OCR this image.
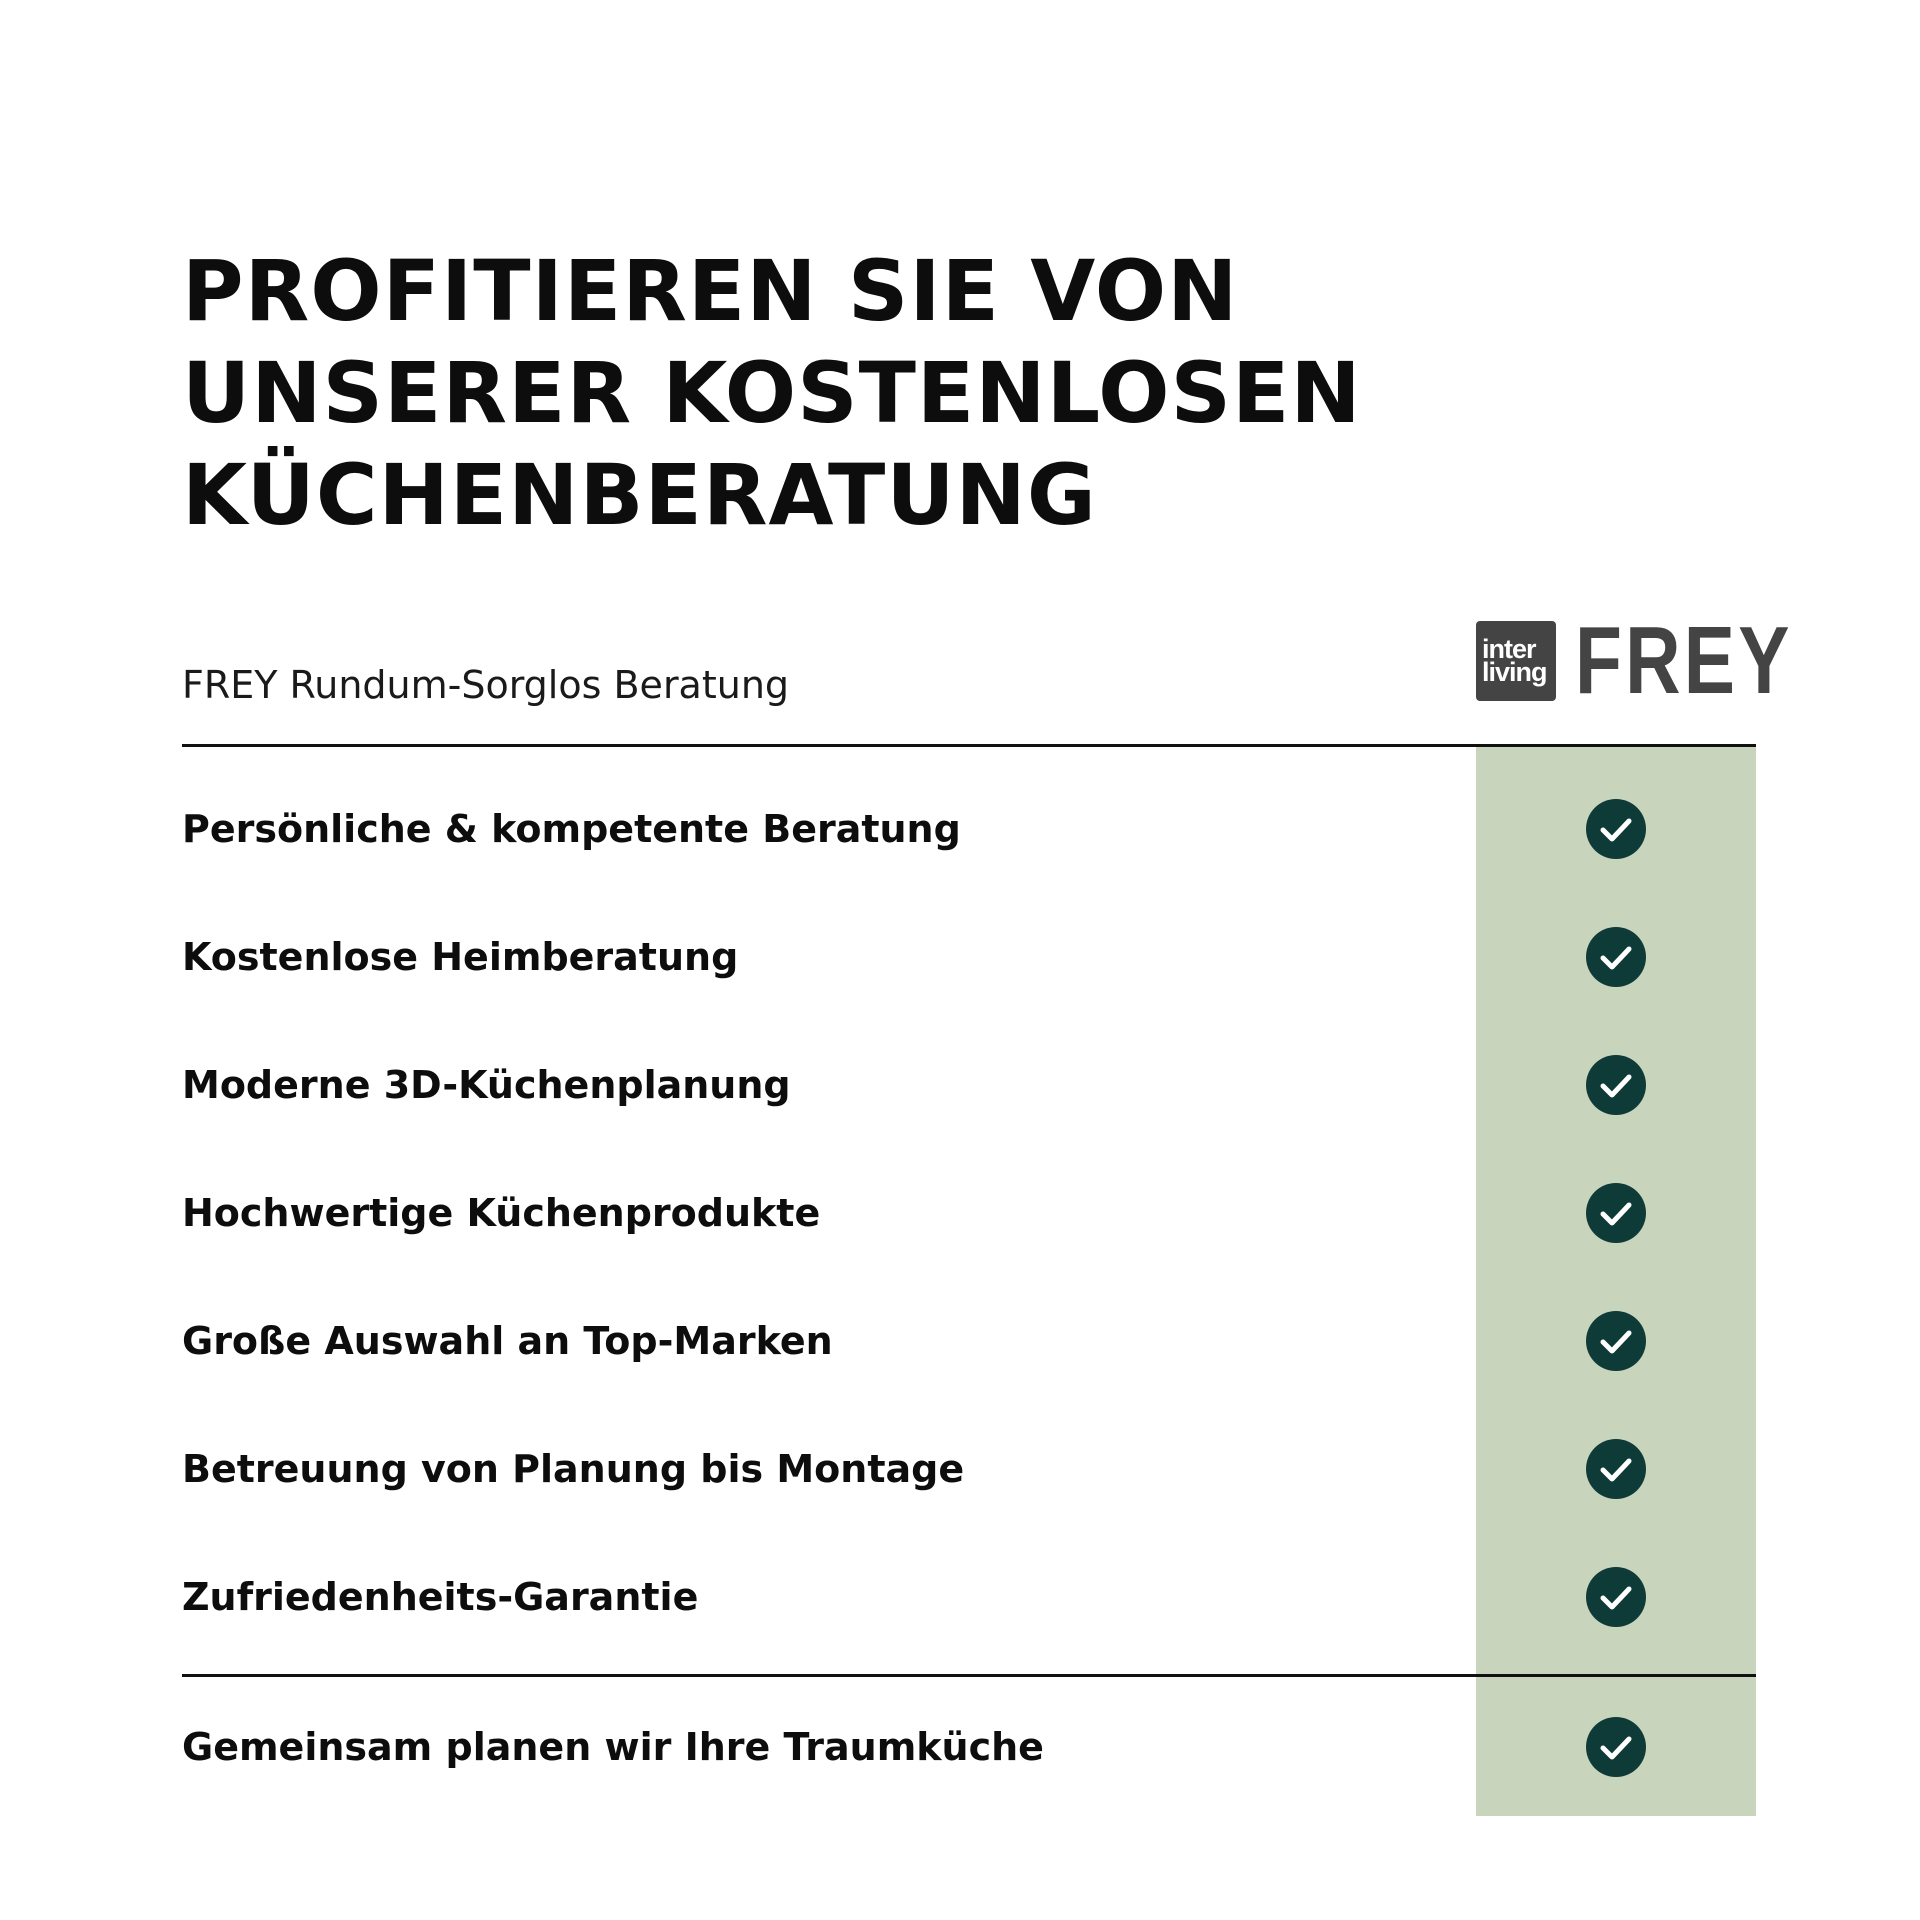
PROFITIEREN SIE VON
UNSERER KOSTENLOSEN
KÜCHENBERATUNG
FREY Rundum-Sorglos Beratung
inter
living FREY
Persönliche & kompetente Beratung
Kostenlose Heimberatung
Moderne 3D-Küchenplanung
Hochwertige Küchenprodukte
Große Auswahl an Top-Marken
Betreuung von Planung bis Montage
Zufriedenheits-Garantie
Gemeinsam planen wir Ihre Traumküche
